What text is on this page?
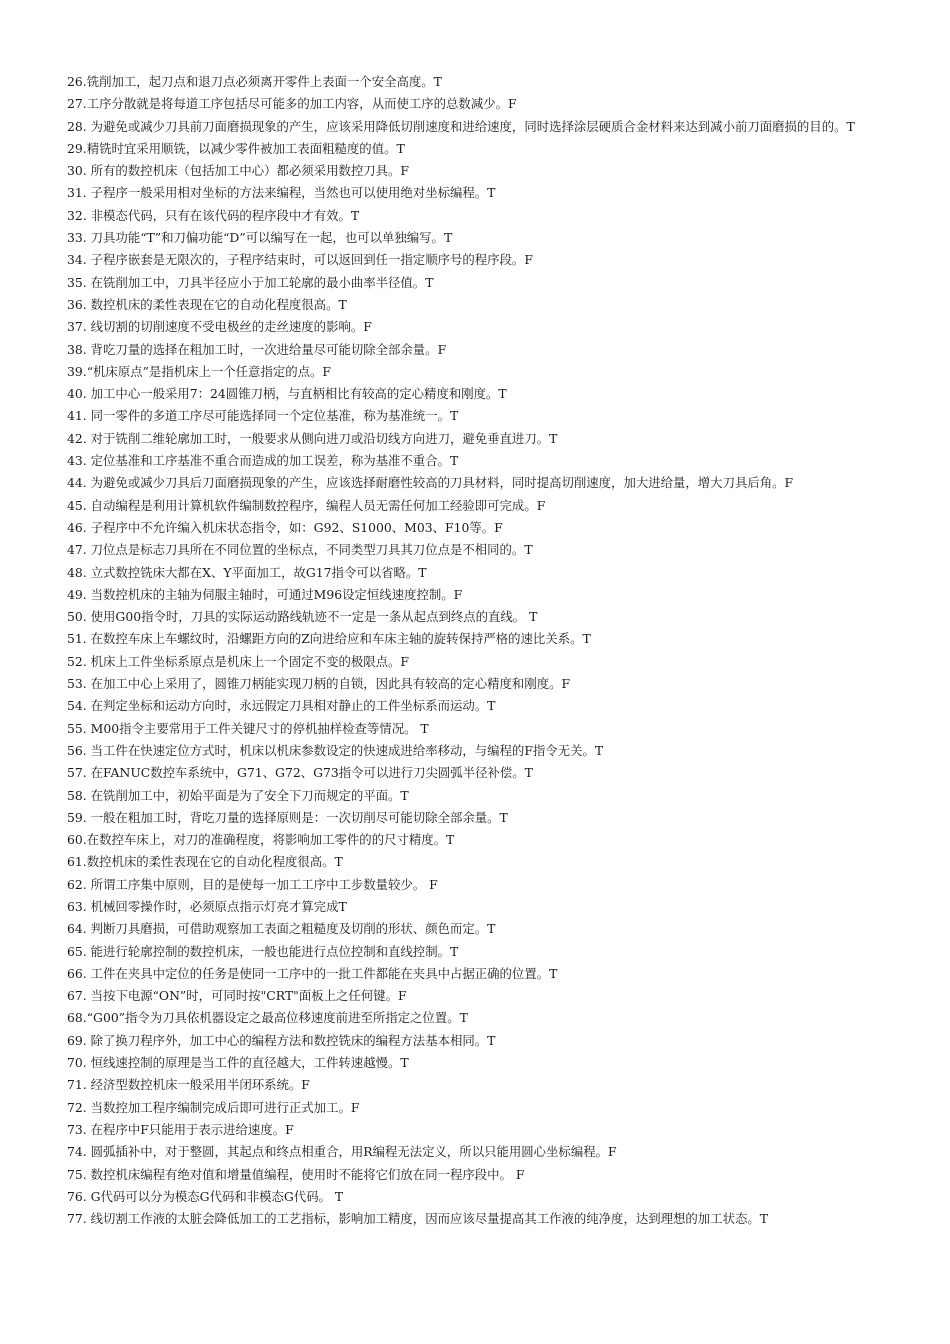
26.铣削加工，起刀点和退刀点必须离开零件上表面一个安全高度。T
27.工序分散就是将每道工序包括尽可能多的加工内容，从而使工序的总数减少。F
28. 为避免或减少刀具前刀面磨损现象的产生，应该采用降低切削速度和进给速度，同时选择涂层硬质合金材料来达到减小前刀面磨损的目的。T
29.精铣时宜采用顺铣，以减少零件被加工表面粗糙度的值。T
30. 所有的数控机床（包括加工中心）都必须采用数控刀具。F
31. 子程序一般采用相对坐标的方法来编程，当然也可以使用绝对坐标编程。T
32. 非模态代码，只有在该代码的程序段中才有效。T
33. 刀具功能“T”和刀偏功能“D”可以编写在一起，也可以单独编写。T
34. 子程序嵌套是无限次的，子程序结束时，可以返回到任一指定顺序号的程序段。F
35. 在铣削加工中，刀具半径应小于加工轮廓的最小曲率半径值。T
36. 数控机床的柔性表现在它的自动化程度很高。T
37. 线切割的切削速度不受电极丝的走丝速度的影响。F
38. 背吃刀量的选择在粗加工时，一次进给量尽可能切除全部余量。F
39.“机床原点”是指机床上一个任意指定的点。F
40. 加工中心一般采用7：24圆锥刀柄，与直柄相比有较高的定心精度和刚度。T
41. 同一零件的多道工序尽可能选择同一个定位基准，称为基准统一。T
42. 对于铣削二维轮廓加工时，一般要求从侧向进刀或沿切线方向进刀，避免垂直进刀。T
43. 定位基准和工序基准不重合而造成的加工误差，称为基准不重合。T
44. 为避免或减少刀具后刀面磨损现象的产生，应该选择耐磨性较高的刀具材料，同时提高切削速度，加大进给量，增大刀具后角。F
45. 自动编程是利用计算机软件编制数控程序，编程人员无需任何加工经验即可完成。F
46. 子程序中不允许编入机床状态指令，如：G92、S1000、M03、F10等。F
47. 刀位点是标志刀具所在不同位置的坐标点，不同类型刀具其刀位点是不相同的。T
48. 立式数控铣床大都在X、Y平面加工，故G17指令可以省略。T
49. 当数控机床的主轴为伺服主轴时，可通过M96设定恒线速度控制。F
50. 使用G00指令时，刀具的实际运动路线轨迹不一定是一条从起点到终点的直线。 T
51. 在数控车床上车螺纹时，沿螺距方向的Z向进给应和车床主轴的旋转保持严格的速比关系。T
52. 机床上工件坐标系原点是机床上一个固定不变的极限点。F
53. 在加工中心上采用了，圆锥刀柄能实现刀柄的自锁，因此具有较高的定心精度和刚度。F
54. 在判定坐标和运动方向时，永远假定刀具相对静止的工件坐标系而运动。T
55. M00指令主要常用于工件关键尺寸的停机抽样检查等情况。 T
56. 当工件在快速定位方式时，机床以机床参数设定的快速成进给率移动，与编程的F指令无关。T
57. 在FANUC数控车系统中，G71、G72、G73指令可以进行刀尖圆弧半径补偿。T
58. 在铣削加工中，初始平面是为了安全下刀而规定的平面。T
59. 一般在粗加工时，背吃刀量的选择原则是：一次切削尽可能切除全部余量。T
60.在数控车床上，对刀的准确程度，将影响加工零件的的尺寸精度。T
61.数控机床的柔性表现在它的自动化程度很高。T
62. 所谓工序集中原则，目的是使每一加工工序中工步数量较少。 F
63. 机械回零操作时，必须原点指示灯亮才算完成T
64. 判断刀具磨损，可借助观察加工表面之粗糙度及切削的形状、颜色而定。T
65. 能进行轮廓控制的数控机床，一般也能进行点位控制和直线控制。T
66. 工件在夹具中定位的任务是使同一工序中的一批工件都能在夹具中占据正确的位置。T
67. 当按下电源“ON”时，可同时按"CRT"面板上之任何键。F
68.“G00”指令为刀具依机器设定之最高位移速度前进至所指定之位置。T
69. 除了换刀程序外，加工中心的编程方法和数控铣床的编程方法基本相同。T
70. 恒线速控制的原理是当工件的直径越大，工件转速越慢。T
71. 经济型数控机床一般采用半闭环系统。F
72. 当数控加工程序编制完成后即可进行正式加工。F
73. 在程序中F只能用于表示进给速度。F
74. 圆弧插补中，对于整圆，其起点和终点相重合，用R编程无法定义，所以只能用圆心坐标编程。F
75. 数控机床编程有绝对值和增量值编程，使用时不能将它们放在同一程序段中。 F
76. G代码可以分为模态G代码和非模态G代码。 T
77. 线切割工作液的太脏会降低加工的工艺指标，影响加工精度，因而应该尽量提高其工作液的纯净度，达到理想的加工状态。T
